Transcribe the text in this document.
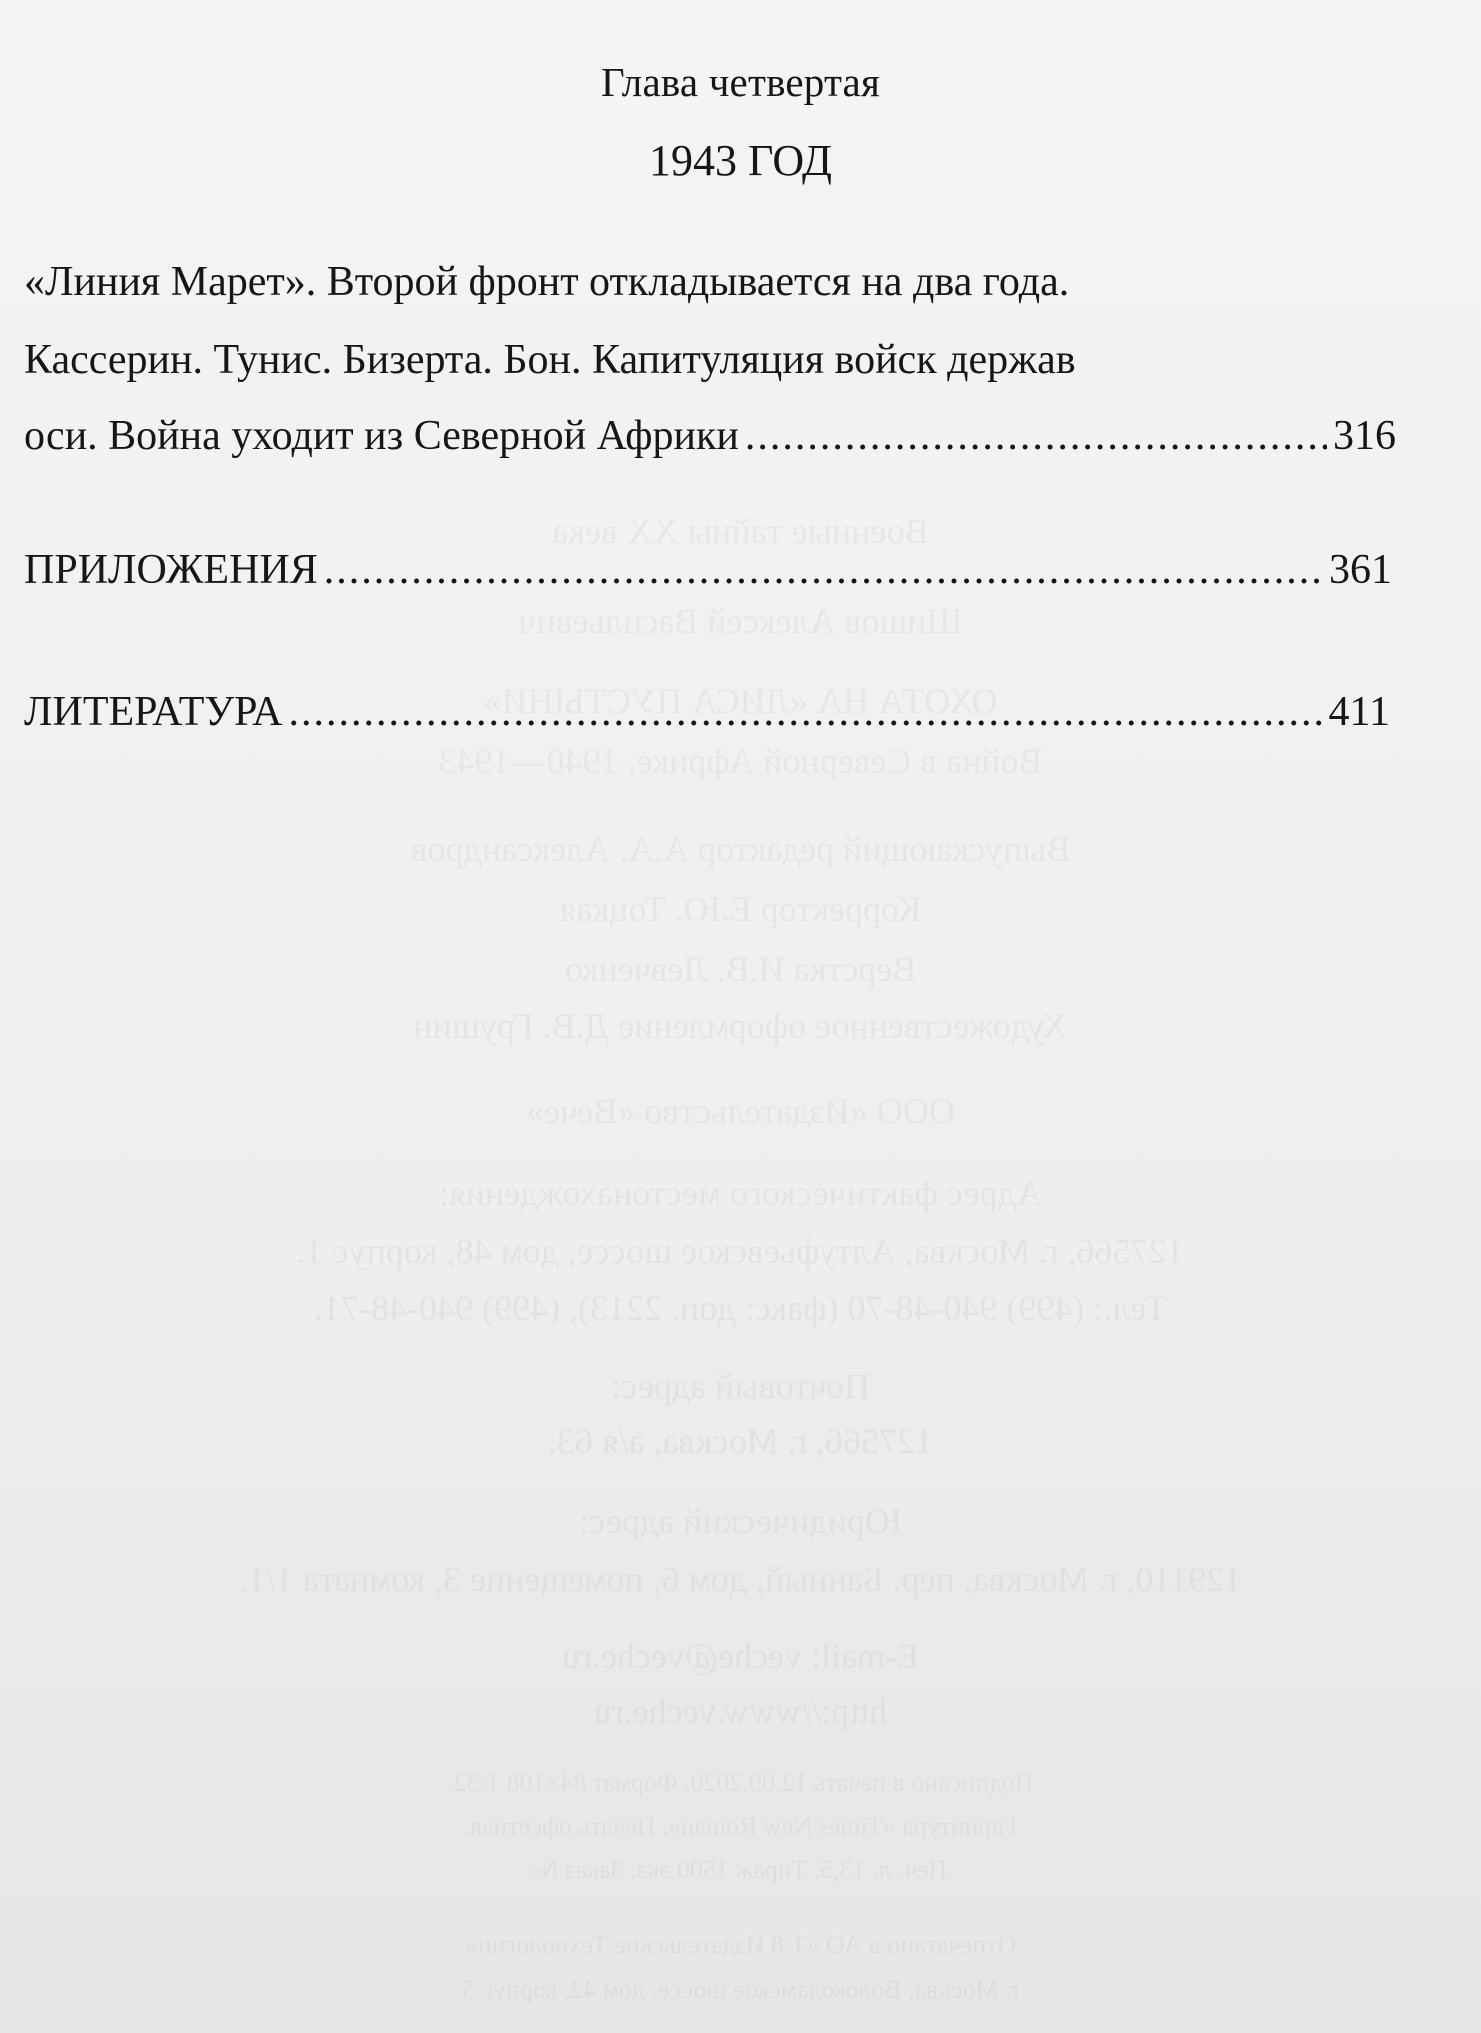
Глава четвертая
1943 ГОД
«Линия Марет». Второй фронт откладывается на два года.
Кассерин. Тунис. Бизерта. Бон. Капитуляция войск держав
оси. Война уходит из Северной Африки .....	316
ПРИЛОЖЕНИЯ .....	361
ЛИТЕРАТУРА .....	411
